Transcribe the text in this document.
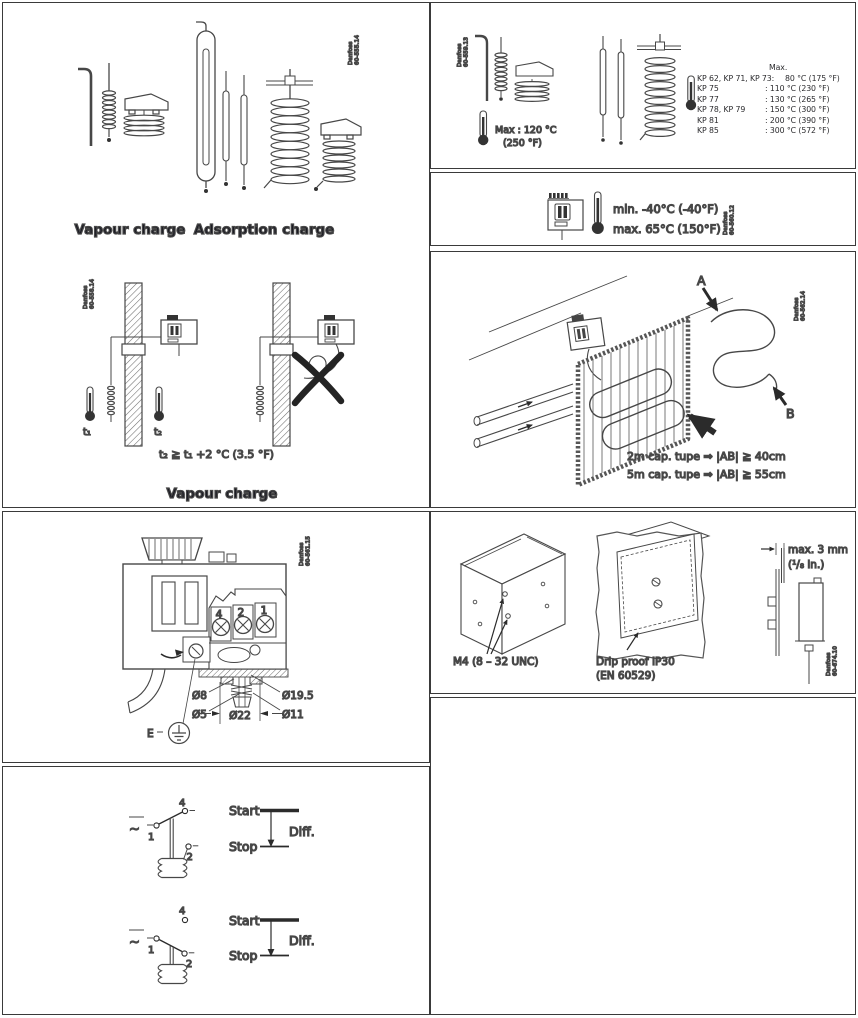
Vapour charge Adsorption charge
Danfoss 60-555.14
t₁	t₂
t₂ ≧ t₁ +2 °C (3.5 °F)
Vapour charge
Danfoss 60-558.14
4 2 1
Ø8
Ø5
Ø19.5
Ø11
Ø22
E
Danfoss 60-561.15
~
1
4
2
Start
Diff.
Stop
4
~
1
2
Start
Diff.
Stop
Danfoss 60-559.13
Max : 120 °C
(250 °F)
Max.
KP 62, KP 71, KP 73: 80 °C (175 °F)
KP 75	: 110 °C (230 °F)
KP 77	: 130 °C (265 °F)
KP 78, KP 79	: 150 °C (300 °F)
KP 81	: 200 °C (390 °F)
KP 85	: 300 °C (572 °F)
min. -40°C (-40°F)
max. 65°C (150°F) Danfoss 60-560.12
A
B
2m cap. tupe ⇒ |AB| ≧ 40cm
5m cap. tupe ⇒ |AB| ≧ 55cm
Danfoss 60-562.14
M4 (8 – 32 UNC)	Drip proof IP30
(EN 60529)
max. 3 mm
(¹/₈ in.)
Danfoss 60-674.10
